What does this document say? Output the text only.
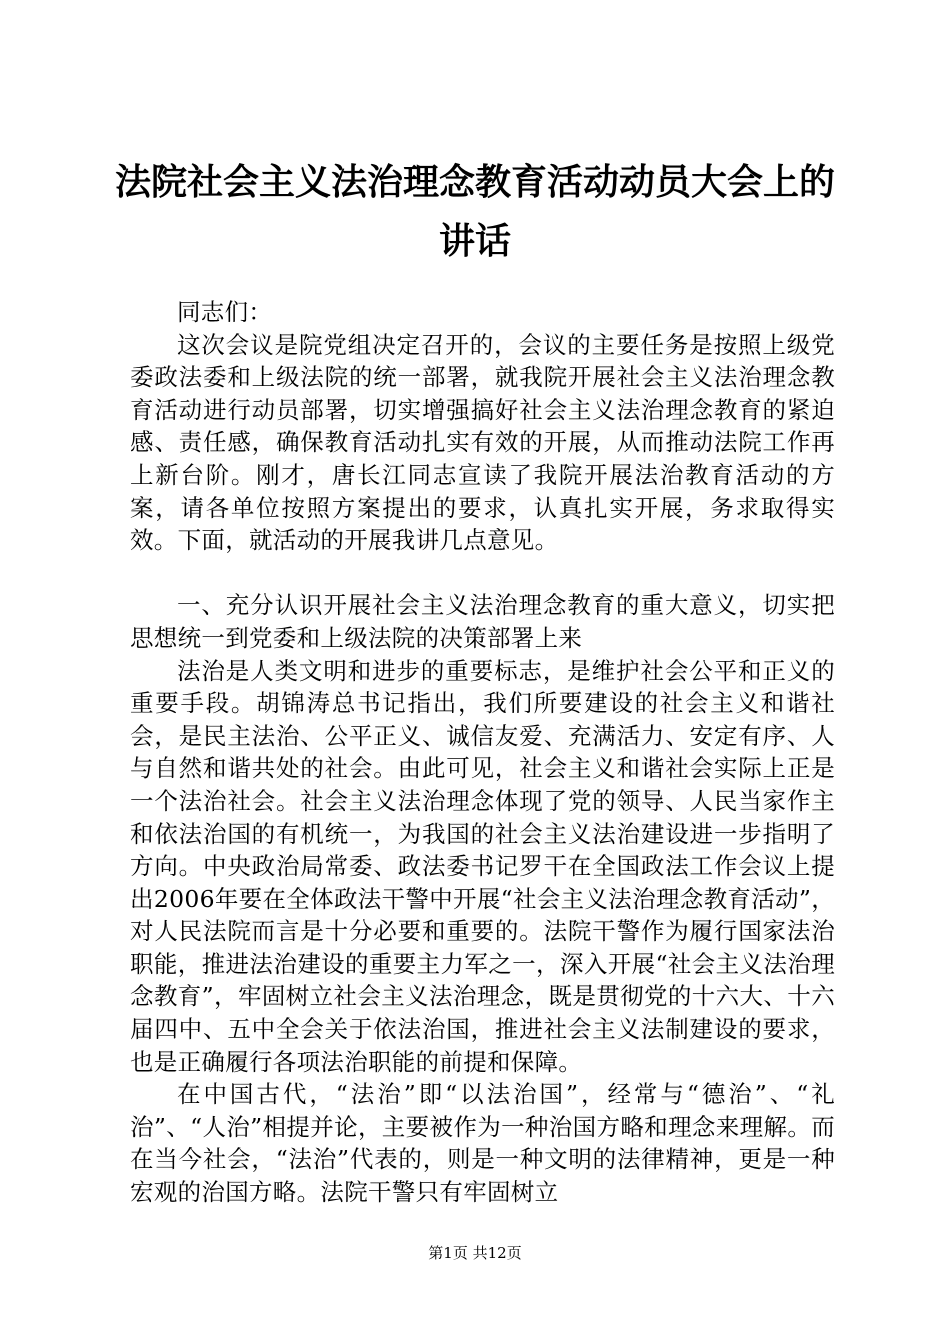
法院社会主义法治理念教育活动动员大会上的
讲话

同志们：

这次会议是院党组决定召开的，会议的主要任务是按照上级党委政法委和上级法院的统一部署，就我院开展社会主义法治理念教育活动进行动员部署，切实增强搞好社会主义法治理念教育的紧迫感、责任感，确保教育活动扎实有效的开展，从而推动法院工作再上新台阶。刚才，唐长江同志宣读了我院开展法治教育活动的方案，请各单位按照方案提出的要求，认真扎实开展，务求取得实效。下面，就活动的开展我讲几点意见。

一、充分认识开展社会主义法治理念教育的重大意义，切实把思想统一到党委和上级法院的决策部署上来

法治是人类文明和进步的重要标志，是维护社会公平和正义的重要手段。胡锦涛总书记指出，我们所要建设的社会主义和谐社会，是民主法治、公平正义、诚信友爱、充满活力、安定有序、人与自然和谐共处的社会。由此可见，社会主义和谐社会实际上正是一个法治社会。社会主义法治理念体现了党的领导、人民当家作主和依法治国的有机统一，为我国的社会主义法治建设进一步指明了方向。中央政治局常委、政法委书记罗干在全国政法工作会议上提出2006年要在全体政法干警中开展“社会主义法治理念教育活动”，对人民法院而言是十分必要和重要的。法院干警作为履行国家法治职能，推进法治建设的重要主力军之一，深入开展“社会主义法治理念教育”，牢固树立社会主义法治理念，既是贯彻党的十六大、十六届四中、五中全会关于依法治国，推进社会主义法制建设的要求，也是正确履行各项法治职能的前提和保障。

在中国古代，“法治”即“以法治国”，经常与“德治”、“礼治”、“人治”相提并论，主要被作为一种治国方略和理念来理解。而在当今社会，“法治”代表的，则是一种文明的法律精神，更是一种宏观的治国方略。法院干警只有牢固树立

第1页 共12页
